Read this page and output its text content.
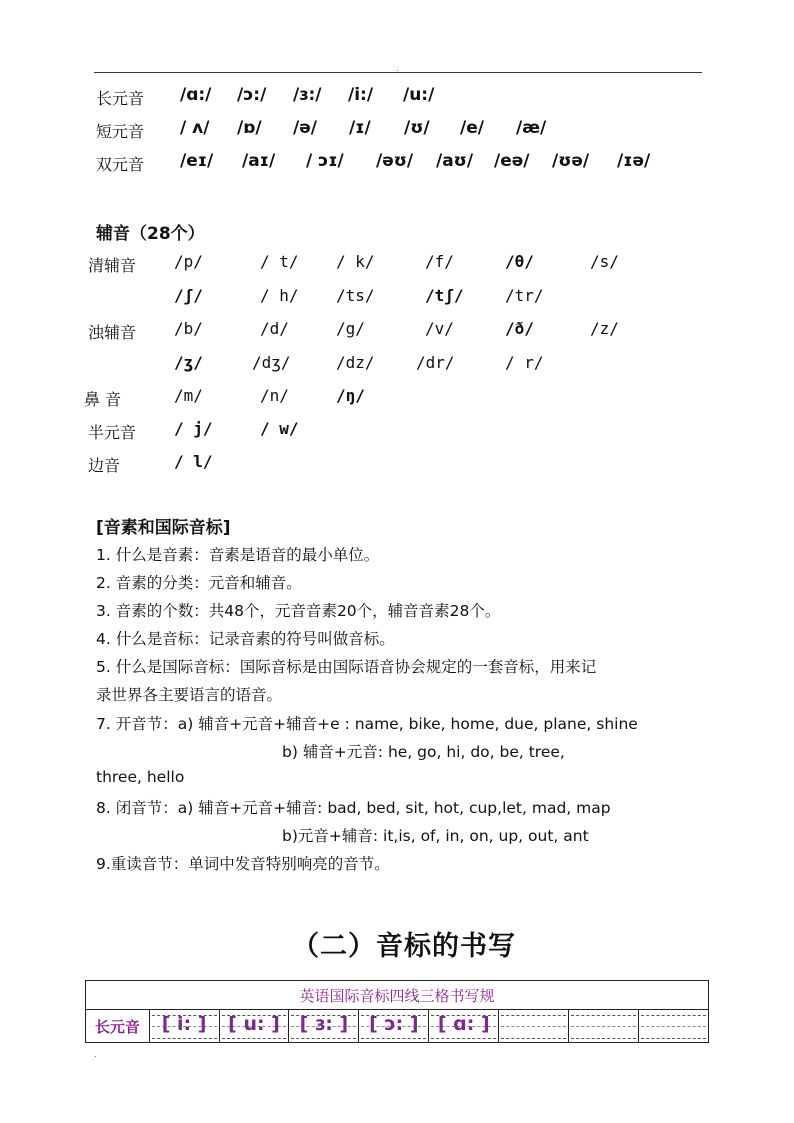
.
长元音 /ɑ:/ /ɔ:/ /ɜ:/ /i:/ /u:/
短元音 / ʌ/ /ɒ/ /ə/ /ɪ/ /ʊ/ /e/ /æ/
双元音 /eɪ/ /aɪ/ / ɔɪ/ /əʊ/ /aʊ/ /eə/ /ʊə/ /ɪə/
辅音（28个）
清辅音 /p/	/ t/ / k/	/f/	/θ/	/s/
/ʃ/	/ h/ /ts/	/tʃ/	/tr/
浊辅音 /b/	/d/	/g/	/v/	/ð/	/z/
/ʒ/	/dʒ/	/dz/	/dr/	/ r/
鼻 音	/m/	/n/	/ŋ/
半元音 / j/	/ w/
边音	/ l/
[音素和国际音标]
1. 什么是音素：音素是语音的最小单位。
2. 音素的分类：元音和辅音。
3. 音素的个数：共48个，元音音素20个，辅音音素28个。
4. 什么是音标：记录音素的符号叫做音标。
5. 什么是国际音标：国际音标是由国际语音协会规定的一套音标，用来记
录世界各主要语言的语音。
7. 开音节：a) 辅音+元音+辅音+e : name, bike, home, due, plane, shine
b) 辅音+元音: he, go, hi, do, be, tree,
three, hello
8. 闭音节：a) 辅音+元音+辅音: bad, bed, sit, hot, cup,let, mad, map
b)元音+辅音: it,is, of, in, on, up, out, ant
9.重读音节：单词中发音特别响亮的音节。
（二）音标的书写
英语国际音标四线三格书写规
长元音	[ i: ]	[ u: ]	[ ɜ: ]	[ ɔ: ]	[ ɑ: ]

.
